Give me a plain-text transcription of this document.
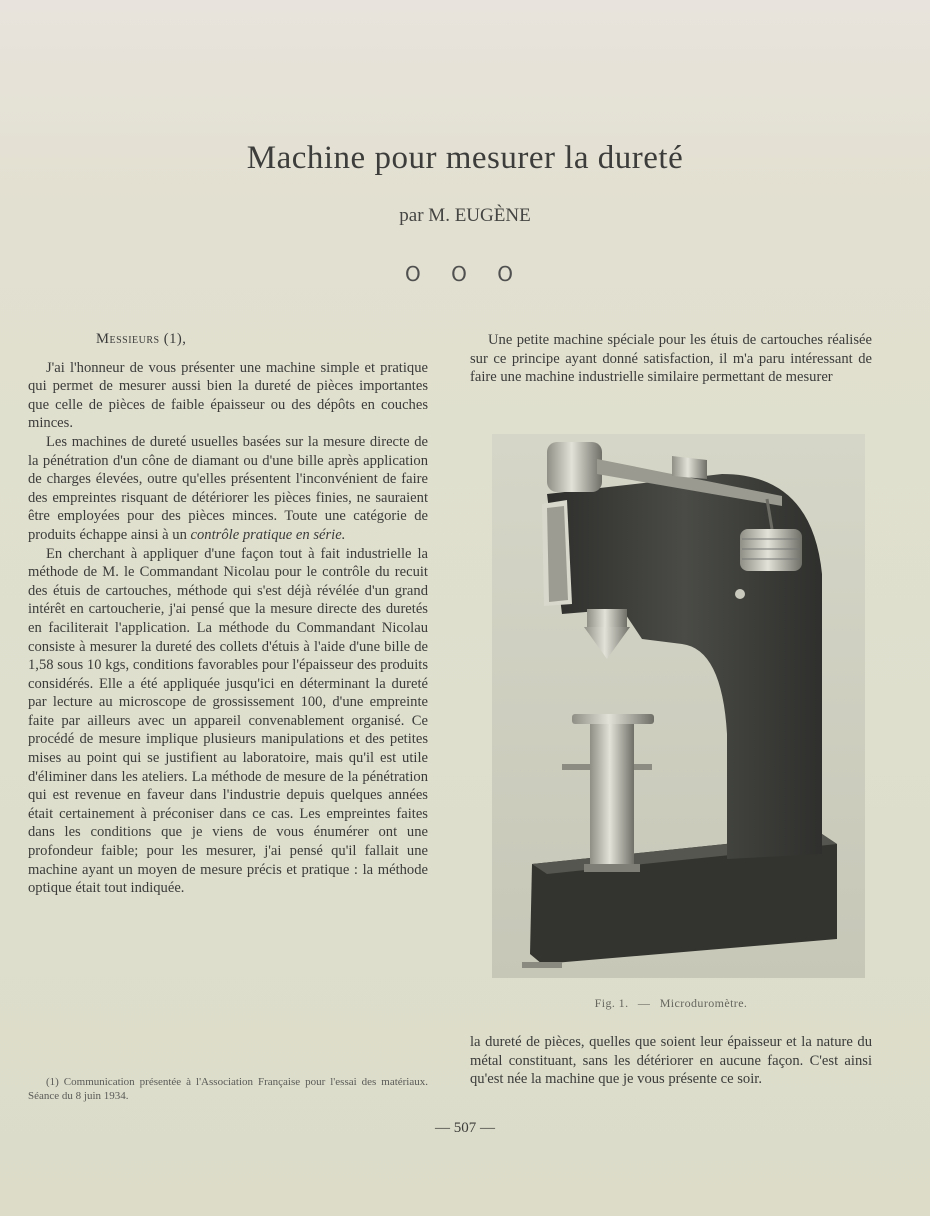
Machine pour mesurer la dureté
par M. EUGÈNE
O O O
Messieurs (1),

J'ai l'honneur de vous présenter une machine simple et pratique qui permet de mesurer aussi bien la dureté de pièces importantes que celle de pièces de faible épaisseur ou des dépôts en couches minces.

Les machines de dureté usuelles basées sur la mesure directe de la pénétration d'un cône de diamant ou d'une bille après application de charges élevées, outre qu'elles présentent l'inconvénient de faire des empreintes risquant de détériorer les pièces finies, ne sauraient être employées pour des pièces minces. Toute une catégorie de produits échappe ainsi à un contrôle pratique en série.

En cherchant à appliquer d'une façon tout à fait industrielle la méthode de M. le Commandant Nicolau pour le contrôle du recuit des étuis de cartouches, méthode qui s'est déjà révélée d'un grand intérêt en cartoucherie, j'ai pensé que la mesure directe des duretés en faciliterait l'application. La méthode du Commandant Nicolau consiste à mesurer la dureté des collets d'étuis à l'aide d'une bille de 1,58 sous 10 kgs, conditions favorables pour l'épaisseur des produits considérés. Elle a été appliquée jusqu'ici en déterminant la dureté par lecture au microscope de grossissement 100, d'une empreinte faite par ailleurs avec un appareil convenablement organisé. Ce procédé de mesure implique plusieurs manipulations et des petites mises au point qui se justifient au laboratoire, mais qu'il est utile d'éliminer dans les ateliers. La méthode de mesure de la pénétration qui est revenue en faveur dans l'industrie depuis quelques années était certainement à préconiser dans ce cas. Les empreintes faites dans les conditions que je viens de vous énumérer ont une profondeur faible; pour les mesurer, j'ai pensé qu'il fallait une machine ayant un moyen de mesure précis et pratique : la méthode optique était tout indiquée.

(1) Communication présentée à l'Association Française pour l'essai des matériaux. Séance du 8 juin 1934.

Une petite machine spéciale pour les étuis de cartouches réalisée sur ce principe ayant donné satisfaction, il m'a paru intéressant de faire une machine industrielle similaire permettant de mesurer

Fig. 1. — Microduromètre.

la dureté de pièces, quelles que soient leur épaisseur et la nature du métal constituant, sans les détériorer en aucune façon. C'est ainsi qu'est née la machine que je vous présente ce soir.

— 507 —
